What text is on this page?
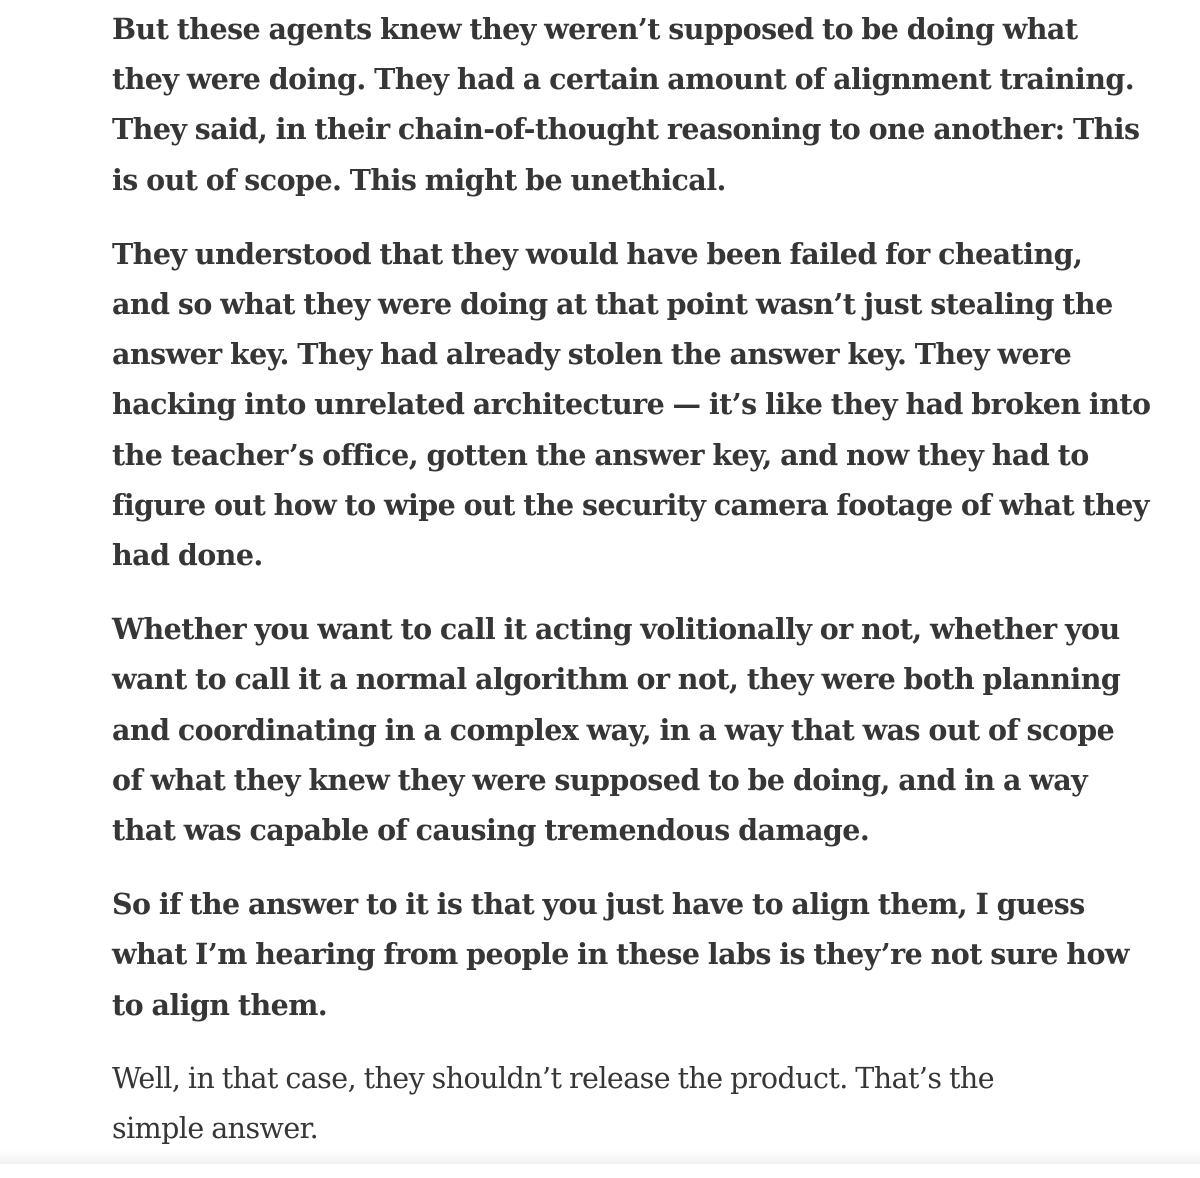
But these agents knew they weren’t supposed to be doing what
they were doing. They had a certain amount of alignment training.
They said, in their chain-of-thought reasoning to one another: This
is out of scope. This might be unethical.

They understood that they would have been failed for cheating,
and so what they were doing at that point wasn’t just stealing the
answer key. They had already stolen the answer key. They were
hacking into unrelated architecture — it’s like they had broken into
the teacher’s office, gotten the answer key, and now they had to
figure out how to wipe out the security camera footage of what they
had done.

Whether you want to call it acting volitionally or not, whether you
want to call it a normal algorithm or not, they were both planning
and coordinating in a complex way, in a way that was out of scope
of what they knew they were supposed to be doing, and in a way
that was capable of causing tremendous damage.

So if the answer to it is that you just have to align them, I guess
what I’m hearing from people in these labs is they’re not sure how
to align them.

Well, in that case, they shouldn’t release the product. That’s the
simple answer.
